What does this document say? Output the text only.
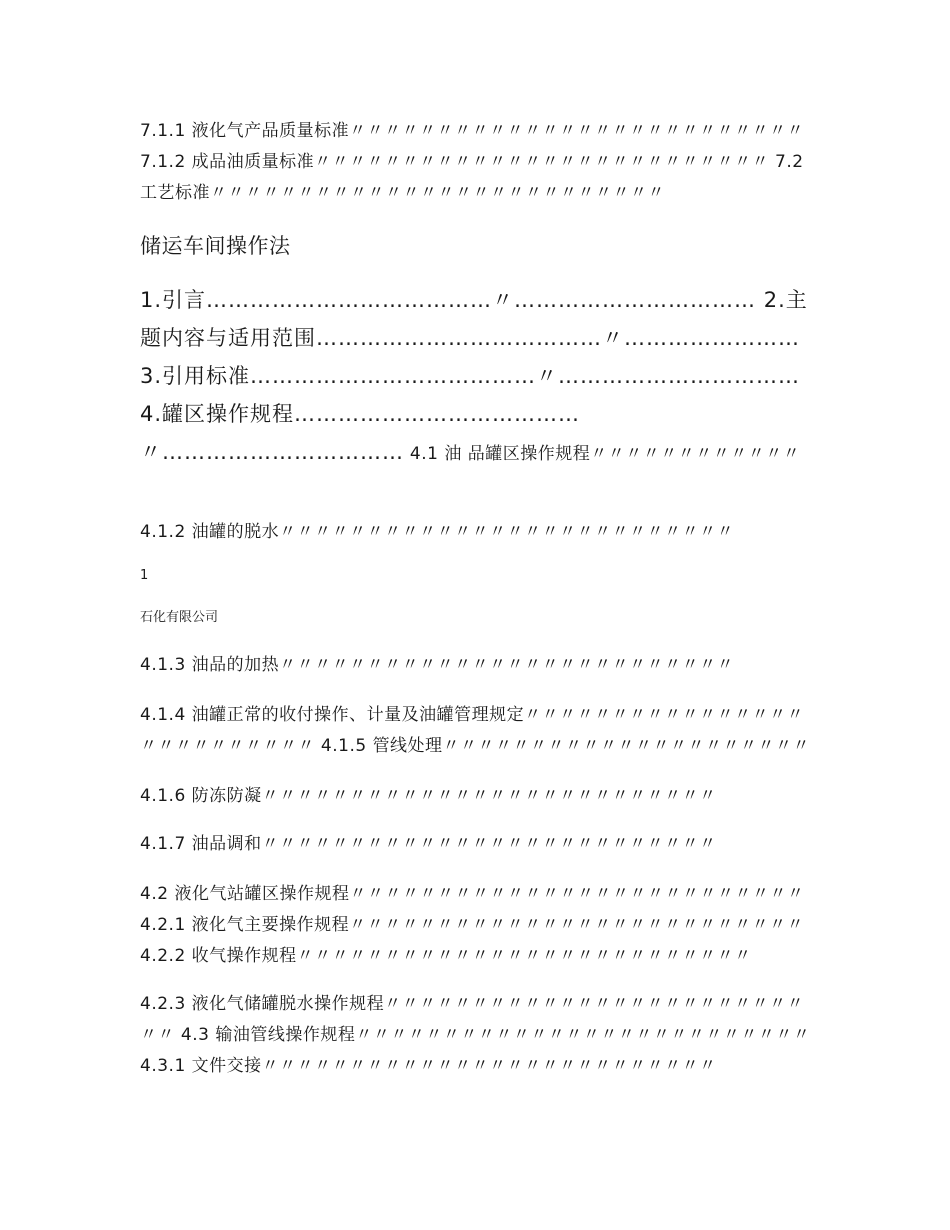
7.1.1 液化气产品质量标准〃〃〃〃〃〃〃〃〃〃〃〃〃〃〃〃〃〃〃〃〃〃〃〃〃〃 7.1.2 成品油质量标准〃〃〃〃〃〃〃〃〃〃〃〃〃〃〃〃〃〃〃〃〃〃〃〃〃〃 7.2 工艺标准〃〃〃〃〃〃〃〃〃〃〃〃〃〃〃〃〃〃〃〃〃〃〃〃〃〃

储运车间操作法

1.引言…………………………………〃…………………………… 2.主题内容与适用范围…………………………………〃…………………… 3.引用标准…………………………………〃…………………………… 4.罐区操作规程…………………………………〃…………………………… 4.1 油 品罐区操作规程〃〃〃〃〃〃〃〃〃〃〃〃

4.1.2 油罐的脱水〃〃〃〃〃〃〃〃〃〃〃〃〃〃〃〃〃〃〃〃〃〃〃〃〃〃

1

石化有限公司

4.1.3 油品的加热〃〃〃〃〃〃〃〃〃〃〃〃〃〃〃〃〃〃〃〃〃〃〃〃〃〃

4.1.4 油罐正常的收付操作、计量及油罐管理规定〃〃〃〃〃〃〃〃〃〃〃〃〃〃〃〃〃〃〃〃〃〃〃〃〃〃 4.1.5 管线处理〃〃〃〃〃〃〃〃〃〃〃〃〃〃〃〃〃〃〃〃〃

4.1.6 防冻防凝〃〃〃〃〃〃〃〃〃〃〃〃〃〃〃〃〃〃〃〃〃〃〃〃〃〃

4.1.7 油品调和〃〃〃〃〃〃〃〃〃〃〃〃〃〃〃〃〃〃〃〃〃〃〃〃〃〃

4.2 液化气站罐区操作规程〃〃〃〃〃〃〃〃〃〃〃〃〃〃〃〃〃〃〃〃〃〃〃〃〃〃 4.2.1 液化气主要操作规程〃〃〃〃〃〃〃〃〃〃〃〃〃〃〃〃〃〃〃〃〃〃〃〃〃〃 4.2.2 收气操作规程〃〃〃〃〃〃〃〃〃〃〃〃〃〃〃〃〃〃〃〃〃〃〃〃〃〃

4.2.3 液化气储罐脱水操作规程〃〃〃〃〃〃〃〃〃〃〃〃〃〃〃〃〃〃〃〃〃〃〃〃〃〃 4.3 输油管线操作规程〃〃〃〃〃〃〃〃〃〃〃〃〃〃〃〃〃〃〃〃〃〃〃〃〃〃 4.3.1 文件交接〃〃〃〃〃〃〃〃〃〃〃〃〃〃〃〃〃〃〃〃〃〃〃〃〃〃
